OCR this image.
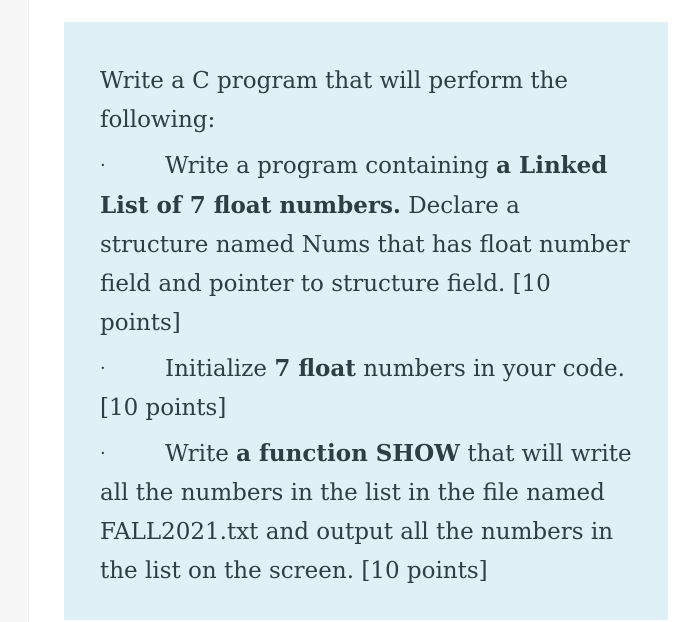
Write a C program that will perform the following:

·	Write a program containing a Linked List of 7 float numbers. Declare a structure named Nums that has float number field and pointer to structure field. [10 points]

·	Initialize 7 float numbers in your code. [10 points]

·	Write a function SHOW that will write all the numbers in the list in the file named FALL2021.txt and output all the numbers in the list on the screen. [10 points]
